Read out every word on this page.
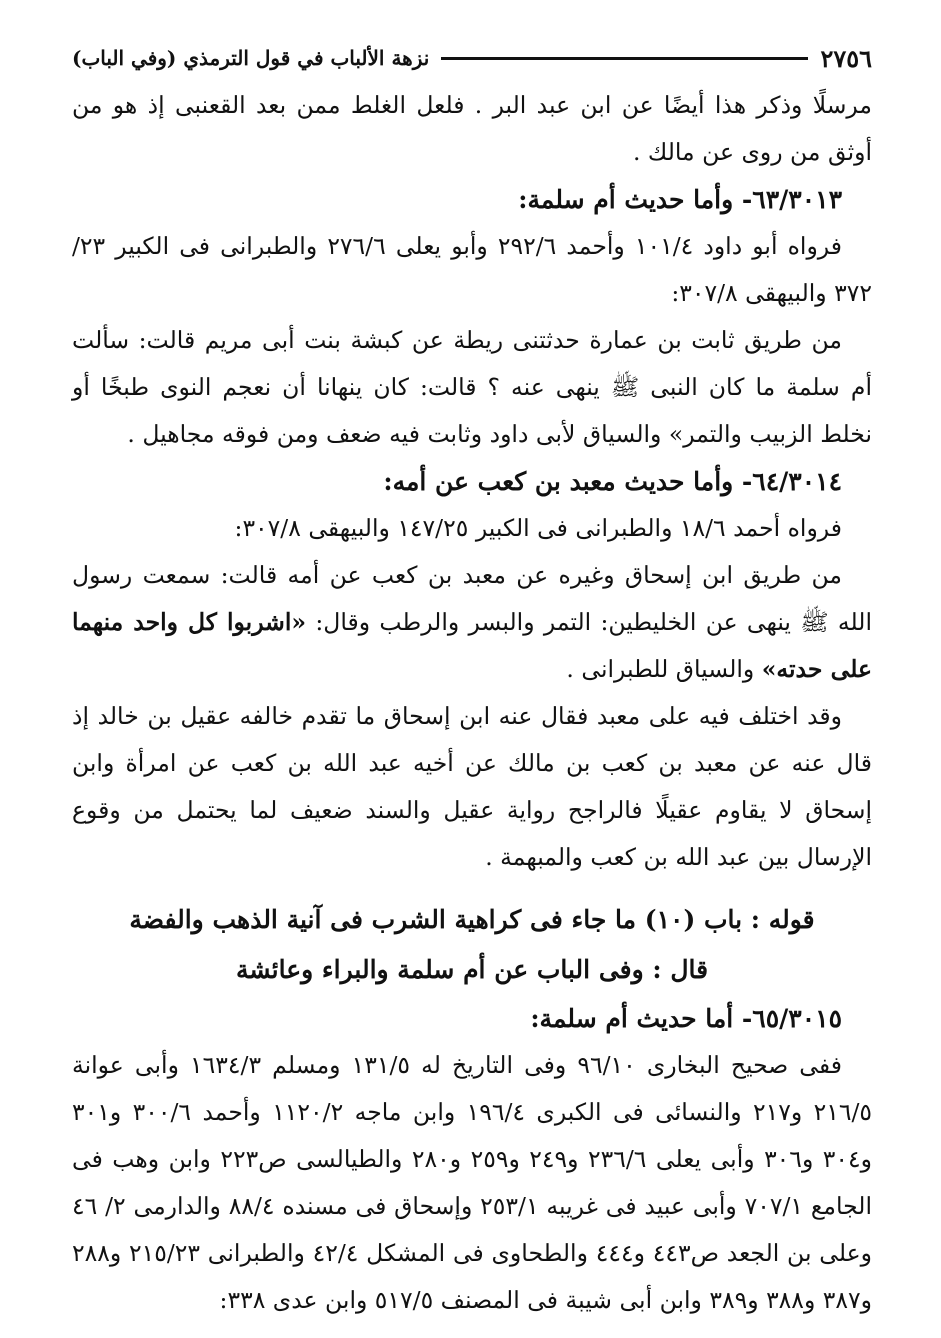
٢٧٥٦
نزهة الألباب في قول الترمذي (وفي الباب)

مرسلًا وذكر هذا أيضًا عن ابن عبد البر . فلعل الغلط ممن بعد القعنبى إذ هو من أوثق من روى عن مالك .

٦٣/٣٠١٣- وأما حديث أم سلمة:

فرواه أبو داود ١٠١/٤ وأحمد ٢٩٢/٦ وأبو يعلى ٢٧٦/٦ والطبرانى فى الكبير ٢٣/ ٣٧٢ والبيهقى ٣٠٧/٨:

من طريق ثابت بن عمارة حدثتنى ريطة عن كبشة بنت أبى مريم قالت: سألت أم سلمة ما كان النبى ﷺ ينهى عنه ؟ قالت: كان ينهانا أن نعجم النوى طبخًا أو نخلط الزبيب والتمر» والسياق لأبى داود وثابت فيه ضعف ومن فوقه مجاهيل .

٦٤/٣٠١٤- وأما حديث معبد بن كعب عن أمه:

فرواه أحمد ١٨/٦ والطبرانى فى الكبير ١٤٧/٢٥ والبيهقى ٣٠٧/٨:

من طريق ابن إسحاق وغيره عن معبد بن كعب عن أمه قالت: سمعت رسول الله ﷺ ينهى عن الخليطين: التمر والبسر والرطب وقال: «اشربوا كل واحد منهما على حدته» والسياق للطبرانى .

وقد اختلف فيه على معبد فقال عنه ابن إسحاق ما تقدم خالفه عقيل بن خالد إذ قال عنه عن معبد بن كعب بن مالك عن أخيه عبد الله بن كعب عن امرأة وابن إسحاق لا يقاوم عقيلًا فالراجح رواية عقيل والسند ضعيف لما يحتمل من وقوع الإرسال بين عبد الله بن كعب والمبهمة .

قوله : باب (١٠) ما جاء فى كراهية الشرب فى آنية الذهب والفضة

قال : وفى الباب عن أم سلمة والبراء وعائشة

٦٥/٣٠١٥- أما حديث أم سلمة:

ففى صحيح البخارى ٩٦/١٠ وفى التاريخ له ١٣١/٥ ومسلم ١٦٣٤/٣ وأبى عوانة ٢١٦/٥ و٢١٧ والنسائى فى الكبرى ١٩٦/٤ وابن ماجه ١١٢٠/٢ وأحمد ٣٠٠/٦ و٣٠١ و٣٠٤ و٣٠٦ وأبى يعلى ٢٣٦/٦ و٢٤٩ و٢٥٩ و٢٨٠ والطيالسى ص٢٢٣ وابن وهب فى الجامع ٧٠٧/١ وأبى عبيد فى غريبه ٢٥٣/١ وإسحاق فى مسنده ٨٨/٤ والدارمى ٢/ ٤٦ وعلى بن الجعد ص٤٤٣ و٤٤٤ والطحاوى فى المشكل ٤٢/٤ والطبرانى ٢١٥/٢٣ و٢٨٨ و٣٨٧ و٣٨٨ و٣٨٩ وابن أبى شيبة فى المصنف ٥١٧/٥ وابن عدى ٣٣٨:
